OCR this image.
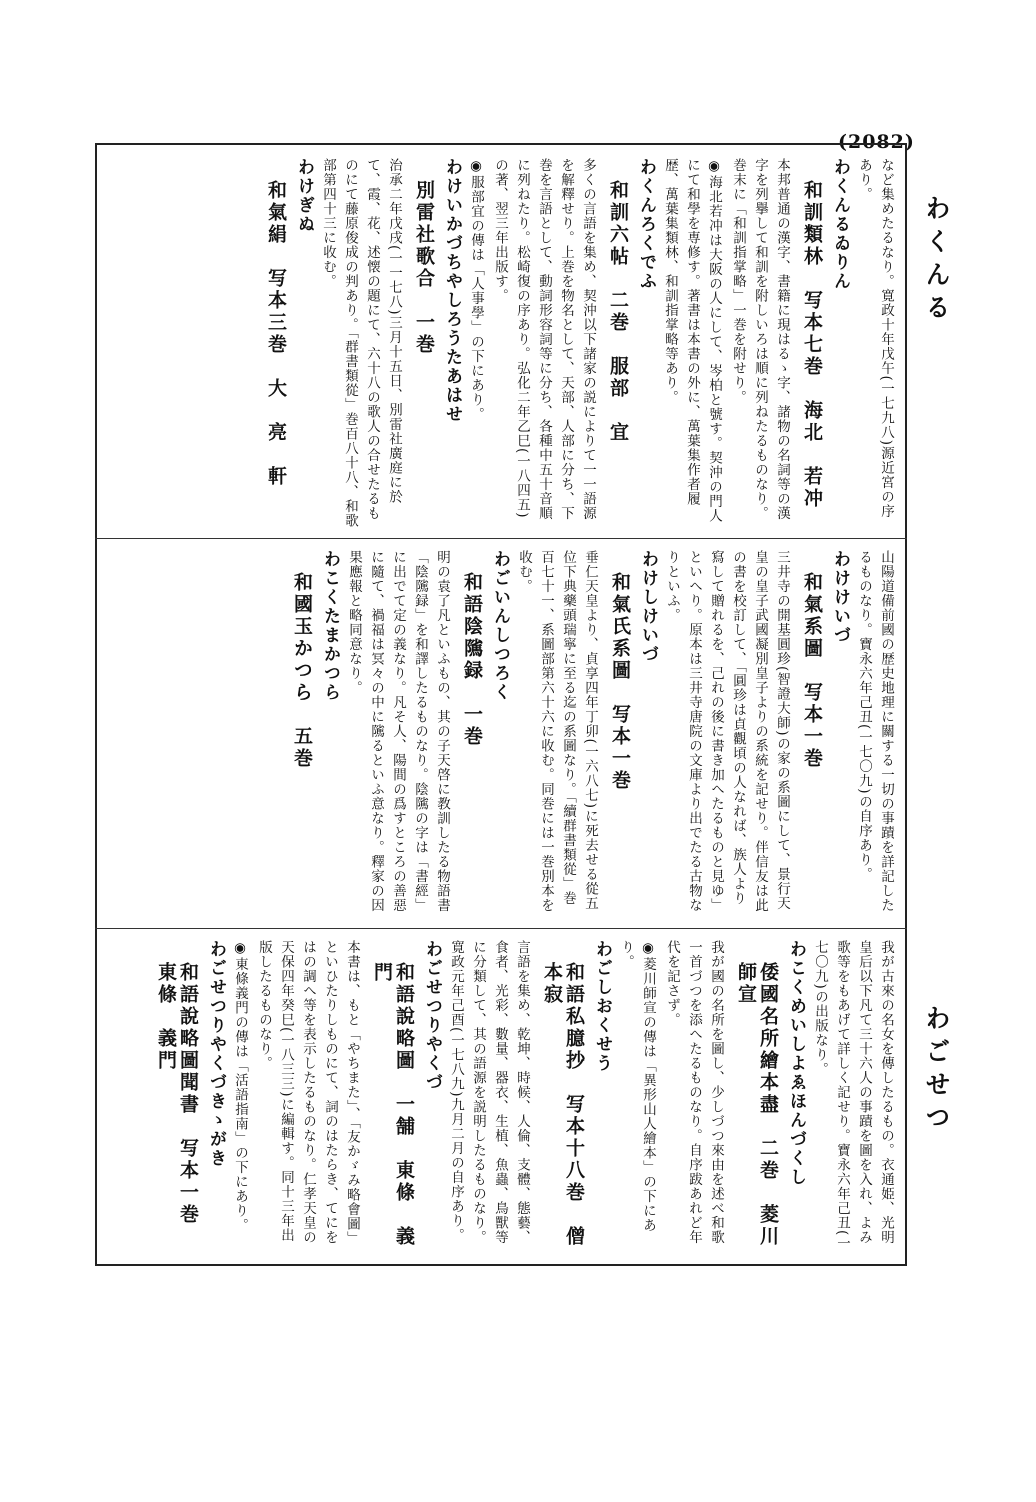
(2082)
わくんる
わごせつ
など集めたるなり。寛政十年戊午(一七九八)源近宮の序あり。
わくんるゐりん
和訓類林　写本七巻　海北　若冲
本邦普通の漢字、書籍に現はるゝ字、諸物の名詞等の漢字を列擧して和訓を附しいろは順に列ねたるものなり。巻末に「和訓指掌略」一巻を附せり。
◉海北若冲は大阪の人にして、岑柏と號す。契沖の門人にて和學を専修す。著書は本書の外に、萬葉集作者履歴、萬葉集類林、和訓指掌略等あり。
わくんろくでふ
和訓六帖　二巻　服部　宜
多くの言語を集め、契沖以下諸家の説によりて一一語源を解釋せり。上巻を物名として、天部、人部に分ち、下巻を言語として、動詞形容詞等に分ち、各種中五十音順に列ねたり。松崎復の序あり。弘化二年乙巳(一八四五)の著、翌三年出版す。
◉服部宜の傳は「人事學」の下にあり。
わけいかづちやしろうたあはせ
別雷社歌合　一巻
治承二年戊戌(一一七八)三月十五日、別雷社廣庭に於て、霞、花、述懐の題にて、六十八の歌人の合せたるものにて藤原俊成の判あり。「群書類從」巻百八十八、和歌部第四十三に收む。
わけぎぬ
和氣絹　写本三巻　大　亮　軒
山陽道備前國の歴史地理に關する一切の事蹟を詳記したるものなり。寶永六年己丑(一七〇九)の自序あり。
わけけいづ
和氣系圖　写本一巻
三井寺の開基圓珍(智證大師)の家の系圖にして、景行天皇の皇子武國凝別皇子よりの系統を記せり。伴信友は此の書を校訂して、「圓珍は貞觀頃の人なれば、族人より寫して贈れるを、己れの後に書き加へたるものと見ゆ」といへり。原本は三井寺唐院の文庫より出でたる古物なりといふ。
わけしけいづ
和氣氏系圖　写本一巻
垂仁天皇より、貞享四年丁卯(一六八七)に死去せる從五位下典藥頭瑞寧に至る迄の系圖なり。「續群書類從」巻百七十一、系圖部第六十六に收む。同巻には一巻別本を收む。
わごいんしつろく
和語陰隲録　一巻
明の袁了凡といふもの、其の子天啓に教訓したる物語書「陰隲録」を和譯したるものなり。陰隲の字は「書經」に出でて定の義なり。凡そ人、陽間の爲すところの善惡に隨て、禍福は冥々の中に隲るといふ意なり。釋家の因果應報と略同意なり。
わこくたまかつら
和國玉かつら　五巻
我が古來の名女を傳したるもの。衣通姫、光明皇后以下凡て三十六人の事蹟を圖を入れ、よみ歌等をもあげて詳しく記せり。寶永六年己丑(一七〇九)の出版なり。
わこくめいしよゑほんづくし
倭國名所繪本盡　二巻　菱川　師宣
我が國の名所を圖し、少しづつ來由を述べ和歌一首づつを添へたるものなり。自序跋あれど年代を記さず。
◉菱川師宣の傳は「異形山人繪本」の下にあり。
わごしおくせう
和語私臆抄　写本十八巻　僧　本寂
言語を集め、乾坤、時候、人倫、支體、態藝、食者、光彩、數量、器衣、生植、魚蟲、鳥獸等に分類して、其の語源を説明したるものなり。寛政元年己酉(一七八九)九月二月の自序あり。
わごせつりやくづ
和語說略圖　一舗　東條　義門
本書は、もと「やちまた」、「友かゞみ略會圖」といひたりしものにて、詞のはたらき、てにをはの調へ等を表示したるものなり。仁孝天皇の天保四年癸巳(一八三三)に編輯す。同十三年出版したるものなり。
◉東條義門の傳は「活語指南」の下にあり。
わごせつりやくづきゝがき
和語說略圖聞書　写本一巻　東條　義門
